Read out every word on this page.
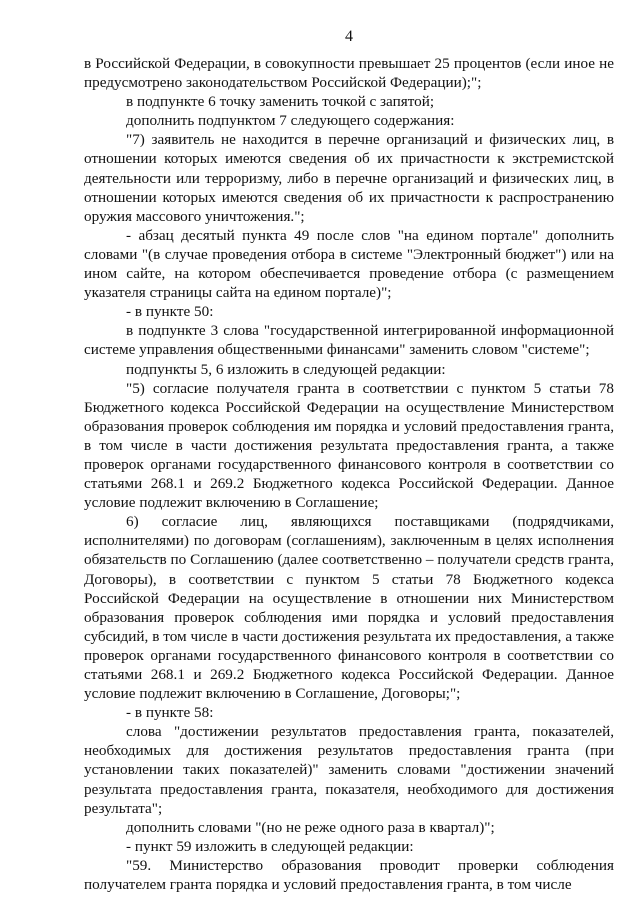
4

в Российской Федерации, в совокупности превышает 25 процентов (если иное не предусмотрено законодательством Российской Федерации);";

в подпункте 6 точку заменить точкой с запятой;

дополнить подпунктом 7 следующего содержания:

"7) заявитель не находится в перечне организаций и физических лиц, в отношении которых имеются сведения об их причастности к экстремистской деятельности или терроризму, либо в перечне организаций и физических лиц, в отношении которых имеются сведения об их причастности к распространению оружия массового уничтожения.";

- абзац десятый пункта 49 после слов "на едином портале" дополнить словами "(в случае проведения отбора в системе "Электронный бюджет") или на ином сайте, на котором обеспечивается проведение отбора (с размещением указателя страницы сайта на едином портале)";

- в пункте 50:

в подпункте 3 слова "государственной интегрированной информационной системе управления общественными финансами" заменить словом "системе";

подпункты 5, 6 изложить в следующей редакции:

"5) согласие получателя гранта в соответствии с пунктом 5 статьи 78 Бюджетного кодекса Российской Федерации на осуществление Министерством образования проверок соблюдения им порядка и условий предоставления гранта, в том числе в части достижения результата предоставления гранта, а также проверок органами государственного финансового контроля в соответствии со статьями 268.1 и 269.2 Бюджетного кодекса Российской Федерации. Данное условие подлежит включению в Соглашение;

6) согласие лиц, являющихся поставщиками (подрядчиками, исполнителями) по договорам (соглашениям), заключенным в целях исполнения обязательств по Соглашению (далее соответственно – получатели средств гранта, Договоры), в соответствии с пунктом 5 статьи 78 Бюджетного кодекса Российской Федерации на осуществление в отношении них Министерством образования проверок соблюдения ими порядка и условий предоставления субсидий, в том числе в части достижения результата их предоставления, а также проверок органами государственного финансового контроля в соответствии со статьями 268.1 и 269.2 Бюджетного кодекса Российской Федерации. Данное условие подлежит включению в Соглашение, Договоры;";

- в пункте 58:

слова "достижении результатов предоставления гранта, показателей, необходимых для достижения результатов предоставления гранта (при установлении таких показателей)" заменить словами "достижении значений результата предоставления гранта, показателя, необходимого для достижения результата";

дополнить словами "(но не реже одного раза в квартал)";

- пункт 59 изложить в следующей редакции:

"59. Министерство образования проводит проверки соблюдения получателем гранта порядка и условий предоставления гранта, в том числе
